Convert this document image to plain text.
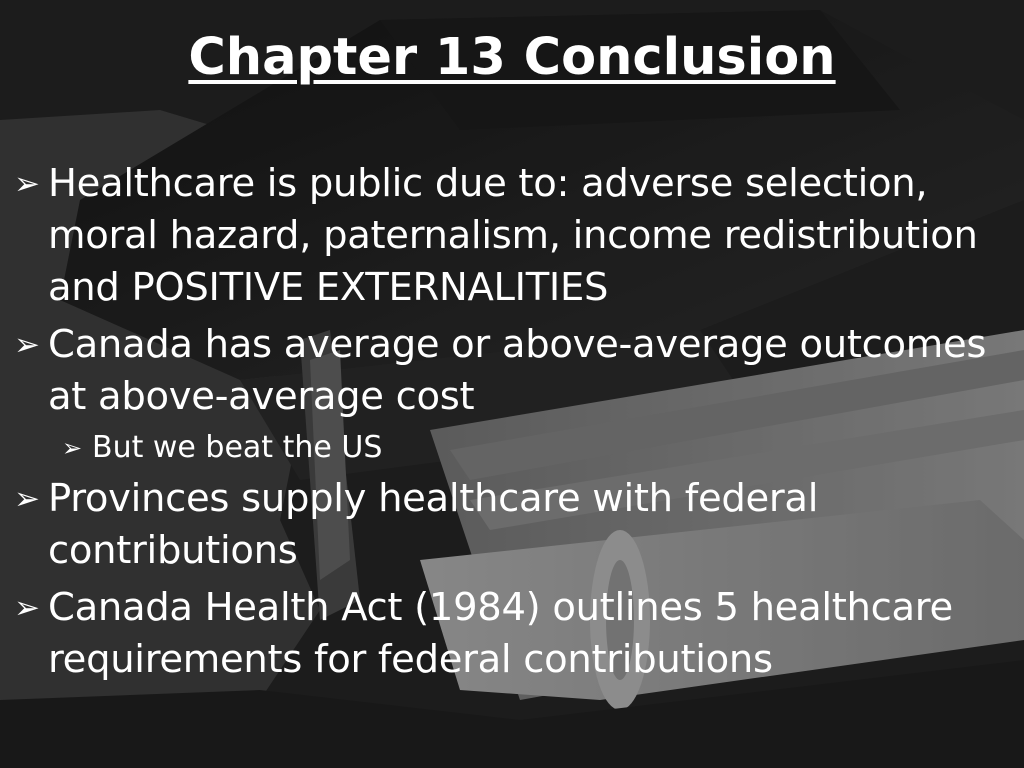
Chapter 13 Conclusion
➢ Healthcare is public due to: adverse selection, moral hazard, paternalism, income redistribution and POSITIVE EXTERNALITIES
➢ Canada has average or above-average outcomes at above-average cost
➢ But we beat the US
➢ Provinces supply healthcare with federal contributions
➢ Canada Health Act (1984) outlines 5 healthcare requirements for federal contributions
